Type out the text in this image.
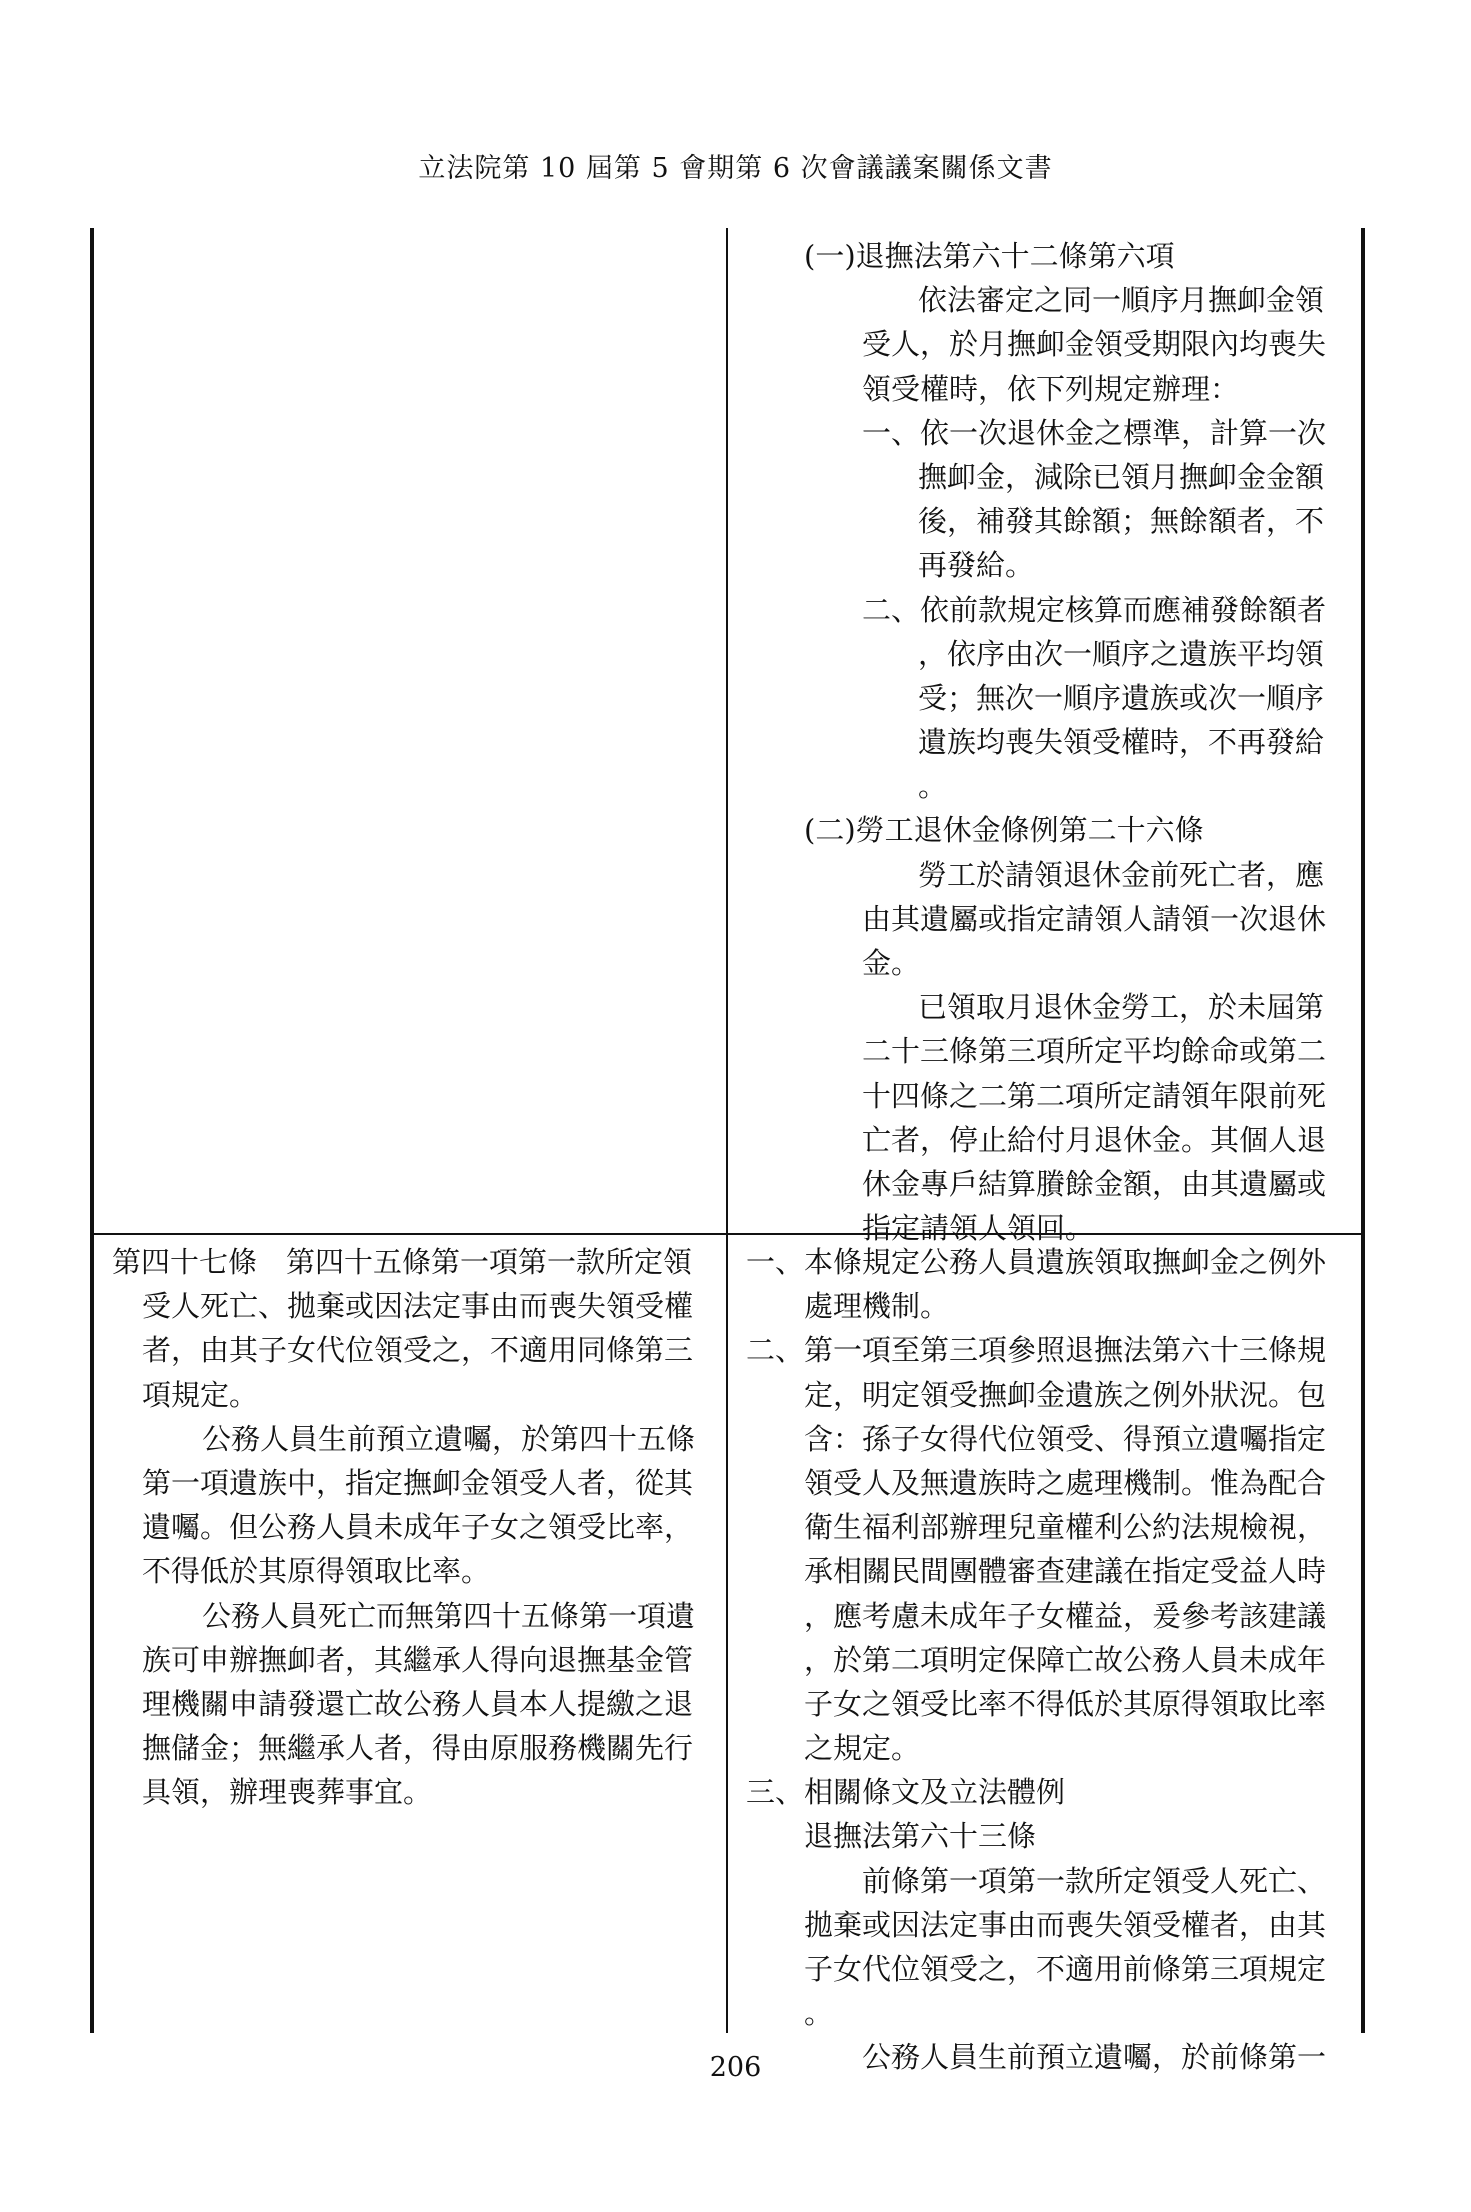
立法院第 10 屆第 5 會期第 6 次會議議案關係文書
(一)退撫法第六十二條第六項
依法審定之同一順序月撫卹金領
受人，於月撫卹金領受期限內均喪失
領受權時，依下列規定辦理：
一、依一次退休金之標準，計算一次
撫卹金，減除已領月撫卹金金額
後，補發其餘額；無餘額者，不
再發給。
二、依前款規定核算而應補發餘額者
，依序由次一順序之遺族平均領
受；無次一順序遺族或次一順序
遺族均喪失領受權時，不再發給
。
(二)勞工退休金條例第二十六條
勞工於請領退休金前死亡者，應
由其遺屬或指定請領人請領一次退休
金。
已領取月退休金勞工，於未屆第
二十三條第三項所定平均餘命或第二
十四條之二第二項所定請領年限前死
亡者，停止給付月退休金。其個人退
休金專戶結算賸餘金額，由其遺屬或
指定請領人領回。
第四十七條　第四十五條第一項第一款所定領
受人死亡、拋棄或因法定事由而喪失領受權
者，由其子女代位領受之，不適用同條第三
項規定。
公務人員生前預立遺囑，於第四十五條
第一項遺族中，指定撫卹金領受人者，從其
遺囑。但公務人員未成年子女之領受比率，
不得低於其原得領取比率。
公務人員死亡而無第四十五條第一項遺
族可申辦撫卹者，其繼承人得向退撫基金管
理機關申請發還亡故公務人員本人提繳之退
撫儲金；無繼承人者，得由原服務機關先行
具領，辦理喪葬事宜。
一、本條規定公務人員遺族領取撫卹金之例外
處理機制。
二、第一項至第三項參照退撫法第六十三條規
定，明定領受撫卹金遺族之例外狀況。包
含：孫子女得代位領受、得預立遺囑指定
領受人及無遺族時之處理機制。惟為配合
衛生福利部辦理兒童權利公約法規檢視，
承相關民間團體審查建議在指定受益人時
，應考慮未成年子女權益，爰參考該建議
，於第二項明定保障亡故公務人員未成年
子女之領受比率不得低於其原得領取比率
之規定。
三、相關條文及立法體例
退撫法第六十三條
前條第一項第一款所定領受人死亡、
拋棄或因法定事由而喪失領受權者，由其
子女代位領受之，不適用前條第三項規定
。
公務人員生前預立遺囑，於前條第一
206
